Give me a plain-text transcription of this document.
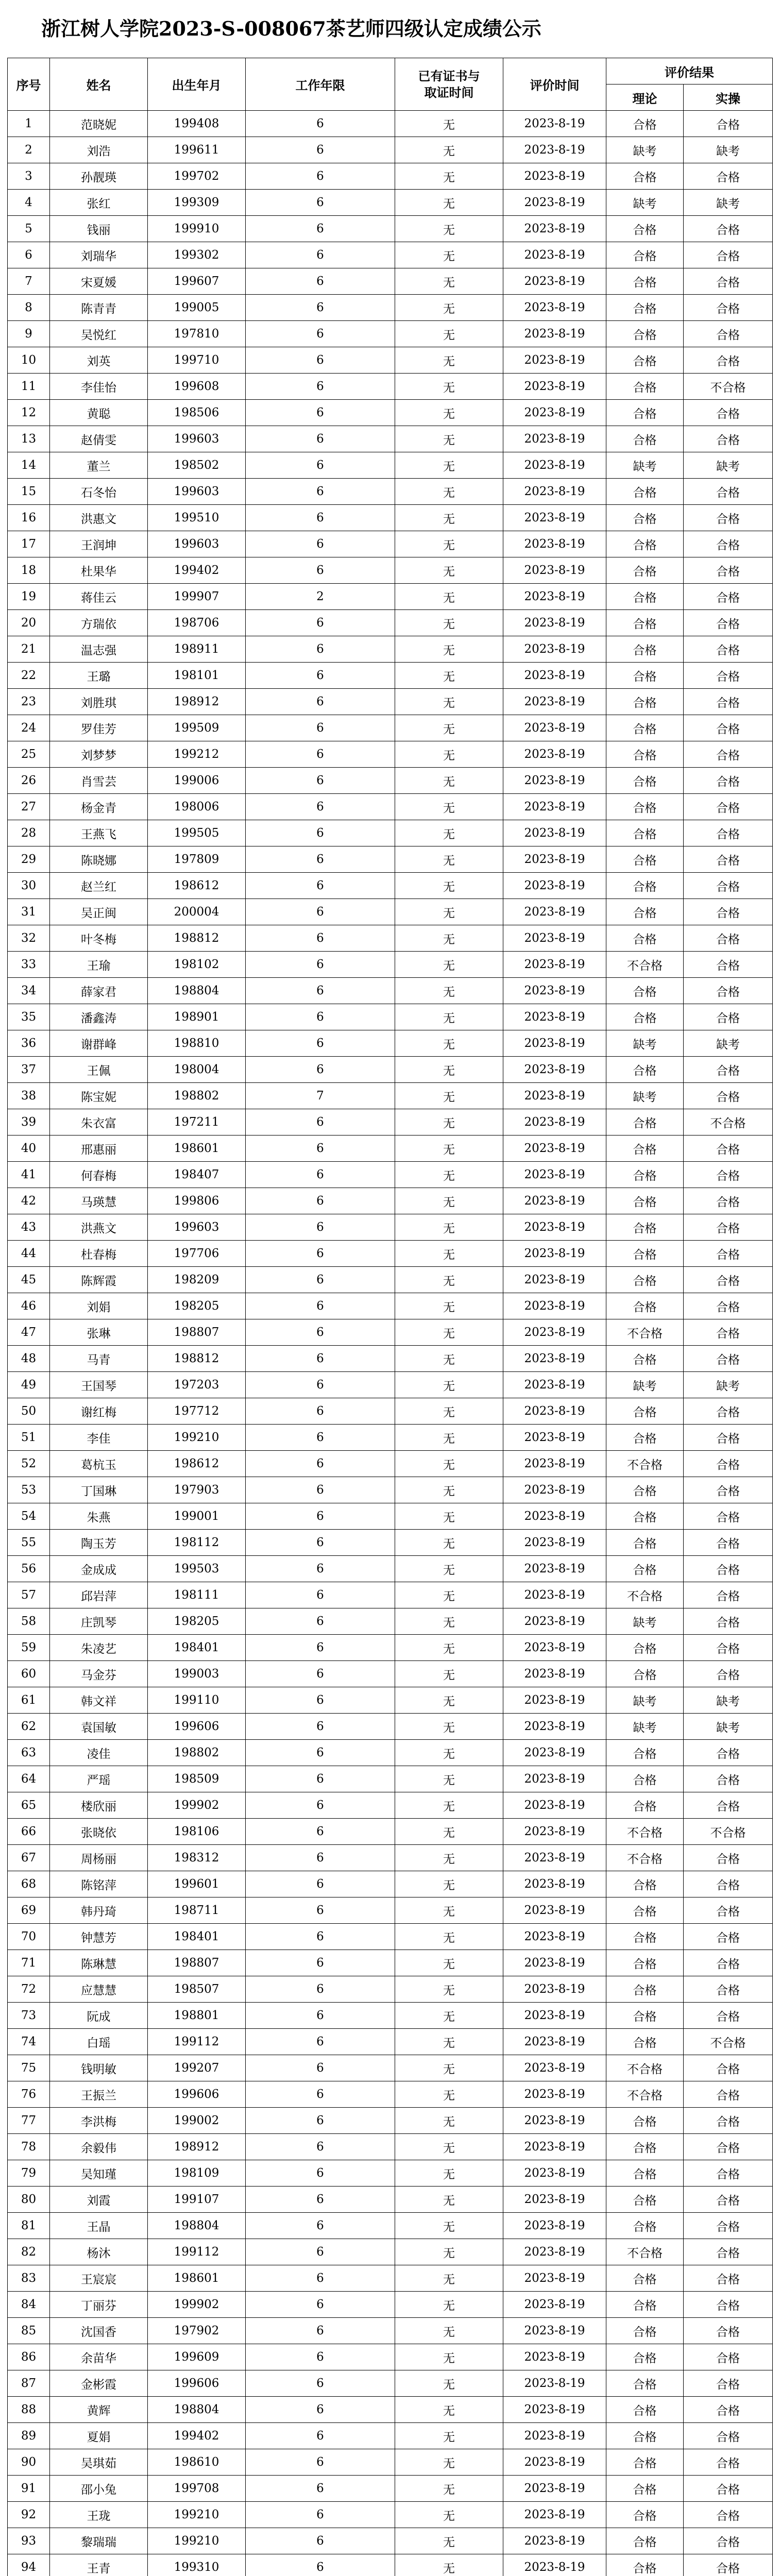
浙江树人学院2023-S-008067茶艺师四级认定成绩公示
序号	姓名	出生年月	工作年限
已有证书与取证时间	评价时间
评价结果
理论	实操
1	范晓妮	199408	6	无	2023-8-19	合格	合格
2	刘浩	199611	6	无	2023-8-19	缺考	缺考
3	孙靓瑛	199702	6	无	2023-8-19	合格	合格
4	张红	199309	6	无	2023-8-19	缺考	缺考
5	钱丽	199910	6	无	2023-8-19	合格	合格
6	刘瑞华	199302	6	无	2023-8-19	合格	合格
7	宋夏媛	199607	6	无	2023-8-19	合格	合格
8	陈青青	199005	6	无	2023-8-19	合格	合格
9	吴悦红	197810	6	无	2023-8-19	合格	合格
10	刘英	199710	6	无	2023-8-19	合格	合格
11	李佳怡	199608	6	无	2023-8-19	合格	不合格
12	黄聪	198506	6	无	2023-8-19	合格	合格
13	赵倩雯	199603	6	无	2023-8-19	合格	合格
14	董兰	198502	6	无	2023-8-19	缺考	缺考
15	石冬怡	199603	6	无	2023-8-19	合格	合格
16	洪惠文	199510	6	无	2023-8-19	合格	合格
17	王润坤	199603	6	无	2023-8-19	合格	合格
18	杜果华	199402	6	无	2023-8-19	合格	合格
19	蒋佳云	199907	2	无	2023-8-19	合格	合格
20	方瑞依	198706	6	无	2023-8-19	合格	合格
21	温志强	198911	6	无	2023-8-19	合格	合格
22	王璐	198101	6	无	2023-8-19	合格	合格
23	刘胜琪	198912	6	无	2023-8-19	合格	合格
24	罗佳芳	199509	6	无	2023-8-19	合格	合格
25	刘梦梦	199212	6	无	2023-8-19	合格	合格
26	肖雪芸	199006	6	无	2023-8-19	合格	合格
27	杨金青	198006	6	无	2023-8-19	合格	合格
28	王燕飞	199505	6	无	2023-8-19	合格	合格
29	陈晓娜	197809	6	无	2023-8-19	合格	合格
30	赵兰红	198612	6	无	2023-8-19	合格	合格
31	吴正闽	200004	6	无	2023-8-19	合格	合格
32	叶冬梅	198812	6	无	2023-8-19	合格	合格
33	王瑜	198102	6	无	2023-8-19	不合格	合格
34	薛家君	198804	6	无	2023-8-19	合格	合格
35	潘鑫涛	198901	6	无	2023-8-19	合格	合格
36	谢群峰	198810	6	无	2023-8-19	缺考	缺考
37	王佩	198004	6	无	2023-8-19	合格	合格
38	陈宝妮	198802	7	无	2023-8-19	缺考	合格
39	朱衣富	197211	6	无	2023-8-19	合格	不合格
40	邢惠丽	198601	6	无	2023-8-19	合格	合格
41	何春梅	198407	6	无	2023-8-19	合格	合格
42	马瑛慧	199806	6	无	2023-8-19	合格	合格
43	洪燕文	199603	6	无	2023-8-19	合格	合格
44	杜春梅	197706	6	无	2023-8-19	合格	合格
45	陈辉霞	198209	6	无	2023-8-19	合格	合格
46	刘娟	198205	6	无	2023-8-19	合格	合格
47	张琳	198807	6	无	2023-8-19	不合格	合格
48	马青	198812	6	无	2023-8-19	合格	合格
49	王国琴	197203	6	无	2023-8-19	缺考	缺考
50	谢红梅	197712	6	无	2023-8-19	合格	合格
51	李佳	199210	6	无	2023-8-19	合格	合格
52	葛杭玉	198612	6	无	2023-8-19	不合格	合格
53	丁国琳	197903	6	无	2023-8-19	合格	合格
54	朱燕	199001	6	无	2023-8-19	合格	合格
55	陶玉芳	198112	6	无	2023-8-19	合格	合格
56	金成成	199503	6	无	2023-8-19	合格	合格
57	邱岩萍	198111	6	无	2023-8-19	不合格	合格
58	庄凯琴	198205	6	无	2023-8-19	缺考	合格
59	朱凌艺	198401	6	无	2023-8-19	合格	合格
60	马金芬	199003	6	无	2023-8-19	合格	合格
61	韩文祥	199110	6	无	2023-8-19	缺考	缺考
62	袁国敏	199606	6	无	2023-8-19	缺考	缺考
63	凌佳	198802	6	无	2023-8-19	合格	合格
64	严瑶	198509	6	无	2023-8-19	合格	合格
65	楼欣丽	199902	6	无	2023-8-19	合格	合格
66	张晓依	198106	6	无	2023-8-19	不合格	不合格
67	周杨丽	198312	6	无	2023-8-19	不合格	合格
68	陈铭萍	199601	6	无	2023-8-19	合格	合格
69	韩丹琦	198711	6	无	2023-8-19	合格	合格
70	钟慧芳	198401	6	无	2023-8-19	合格	合格
71	陈琳慧	198807	6	无	2023-8-19	合格	合格
72	应慧慧	198507	6	无	2023-8-19	合格	合格
73	阮成	198801	6	无	2023-8-19	合格	合格
74	白瑶	199112	6	无	2023-8-19	合格	不合格
75	钱明敏	199207	6	无	2023-8-19	不合格	合格
76	王振兰	199606	6	无	2023-8-19	不合格	合格
77	李洪梅	199002	6	无	2023-8-19	合格	合格
78	余毅伟	198912	6	无	2023-8-19	合格	合格
79	吴知瑾	198109	6	无	2023-8-19	合格	合格
80	刘霞	199107	6	无	2023-8-19	合格	合格
81	王晶	198804	6	无	2023-8-19	合格	合格
82	杨沐	199112	6	无	2023-8-19	不合格	合格
83	王宸宸	198601	6	无	2023-8-19	合格	合格
84	丁丽芬	199902	6	无	2023-8-19	合格	合格
85	沈国香	197902	6	无	2023-8-19	合格	合格
86	余苗华	199609	6	无	2023-8-19	合格	合格
87	金彬霞	199606	6	无	2023-8-19	合格	合格
88	黄辉	198804	6	无	2023-8-19	合格	合格
89	夏娟	199402	6	无	2023-8-19	合格	合格
90	吴琪茹	198610	6	无	2023-8-19	合格	合格
91	邵小兔	199708	6	无	2023-8-19	合格	合格
92	王珑	199210	6	无	2023-8-19	合格	合格
93	黎瑞瑞	199210	6	无	2023-8-19	合格	合格
94	王青	199310	6	无	2023-8-19	合格	合格
